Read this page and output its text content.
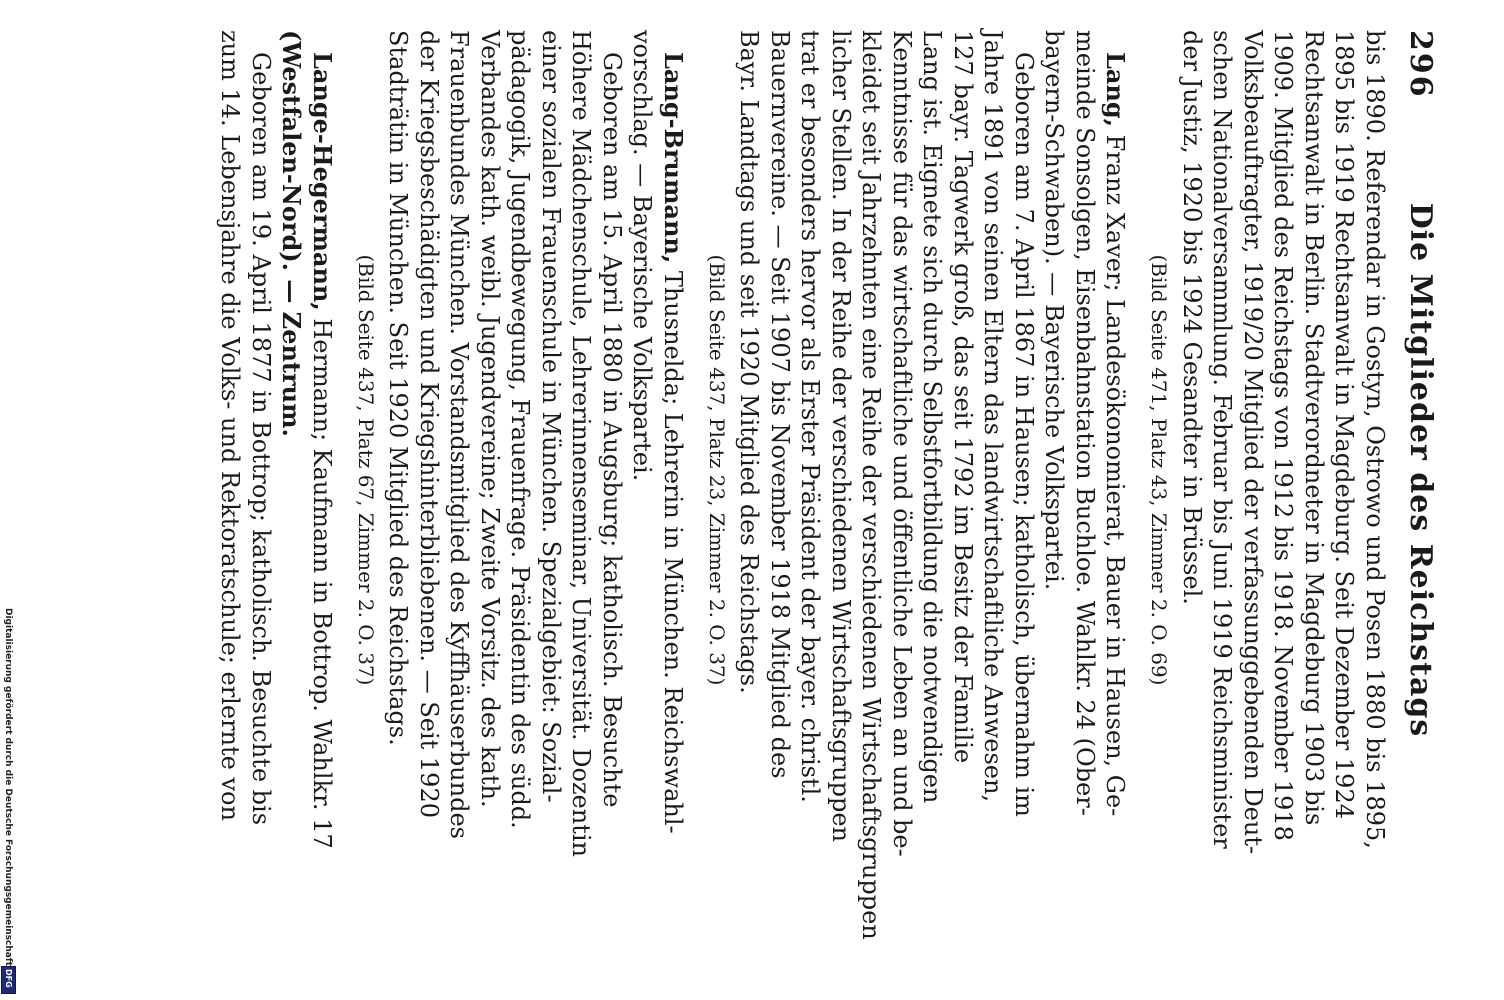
296
Die Mitglieder des Reichstags
bis 1890. Referendar in Gostyn, Ostrowo und Posen 1880 bis 1895,
1895 bis 1919 Rechtsanwalt in Magdeburg. Seit Dezember 1924
Rechtsanwalt in Berlin. Stadtverordneter in Magdeburg 1903 bis
1909. Mitglied des Reichstags von 1912 bis 1918. November 1918
Volksbeauftragter, 1919/20 Mitglied der verfassunggebenden Deut-
schen Nationalversammlung. Februar bis Juni 1919 Reichsminister
der Justiz, 1920 bis 1924 Gesandter in Brüssel.
(Bild Seite 471, Platz 43, Zimmer 2. O. 69)
Lang, Franz Xaver; Landesökonomierat, Bauer in Hausen, Ge-
meinde Sonsolgen, Eisenbahnstation Buchloe. Wahlkr. 24 (Ober-
bayern-Schwaben). — Bayerische Volkspartei.
Geboren am 7. April 1867 in Hausen; katholisch, übernahm im
Jahre 1891 von seinen Eltern das landwirtschaftliche Anwesen,
127 bayr. Tagwerk groß, das seit 1792 im Besitz der Familie
Lang ist. Eignete sich durch Selbstfortbildung die notwendigen
Kenntnisse für das wirtschaftliche und öffentliche Leben an und be-
kleidet seit Jahrzehnten eine Reihe der verschiedenen Wirtschaftsgruppen
licher Stellen. In der Reihe der verschiedenen Wirtschaftsgruppen
trat er besonders hervor als Erster Präsident der bayer. christl.
Bauernvereine. — Seit 1907 bis November 1918 Mitglied des
Bayr. Landtags und seit 1920 Mitglied des Reichstags.
(Bild Seite 437, Platz 23, Zimmer 2. O. 37)
Lang-Brumann, Thusnelda; Lehrerin in München. Reichswahl-
vorschlag. — Bayerische Volkspartei.
Geboren am 15. April 1880 in Augsburg; katholisch. Besuchte
Höhere Mädchenschule, Lehrerinnenseminar, Universität. Dozentin
einer sozialen Frauenschule in München. Spezialgebiet: Sozial-
pädagogik, Jugendbewegung, Frauenfrage. Präsidentin des südd.
Verbandes kath. weibl. Jugendvereine; Zweite Vorsitz. des kath.
Frauenbundes München. Vorstandsmitglied des Kyffhäuserbundes
der Kriegsbeschädigten und Kriegshinterbliebenen. — Seit 1920
Stadträtin in München. Seit 1920 Mitglied des Reichstags.
(Bild Seite 437, Platz 67, Zimmer 2. O. 37)
Lange-Hegermann, Hermann; Kaufmann in Bottrop. Wahlkr. 17
(Westfalen-Nord). — Zentrum.
Geboren am 19. April 1877 in Bottrop; katholisch. Besuchte bis
zum 14. Lebensjahre die Volks- und Rektoratschule; erlernte von
Digitalisierung gefördert durch die Deutsche Forschungsgemeinschaft
DFG
